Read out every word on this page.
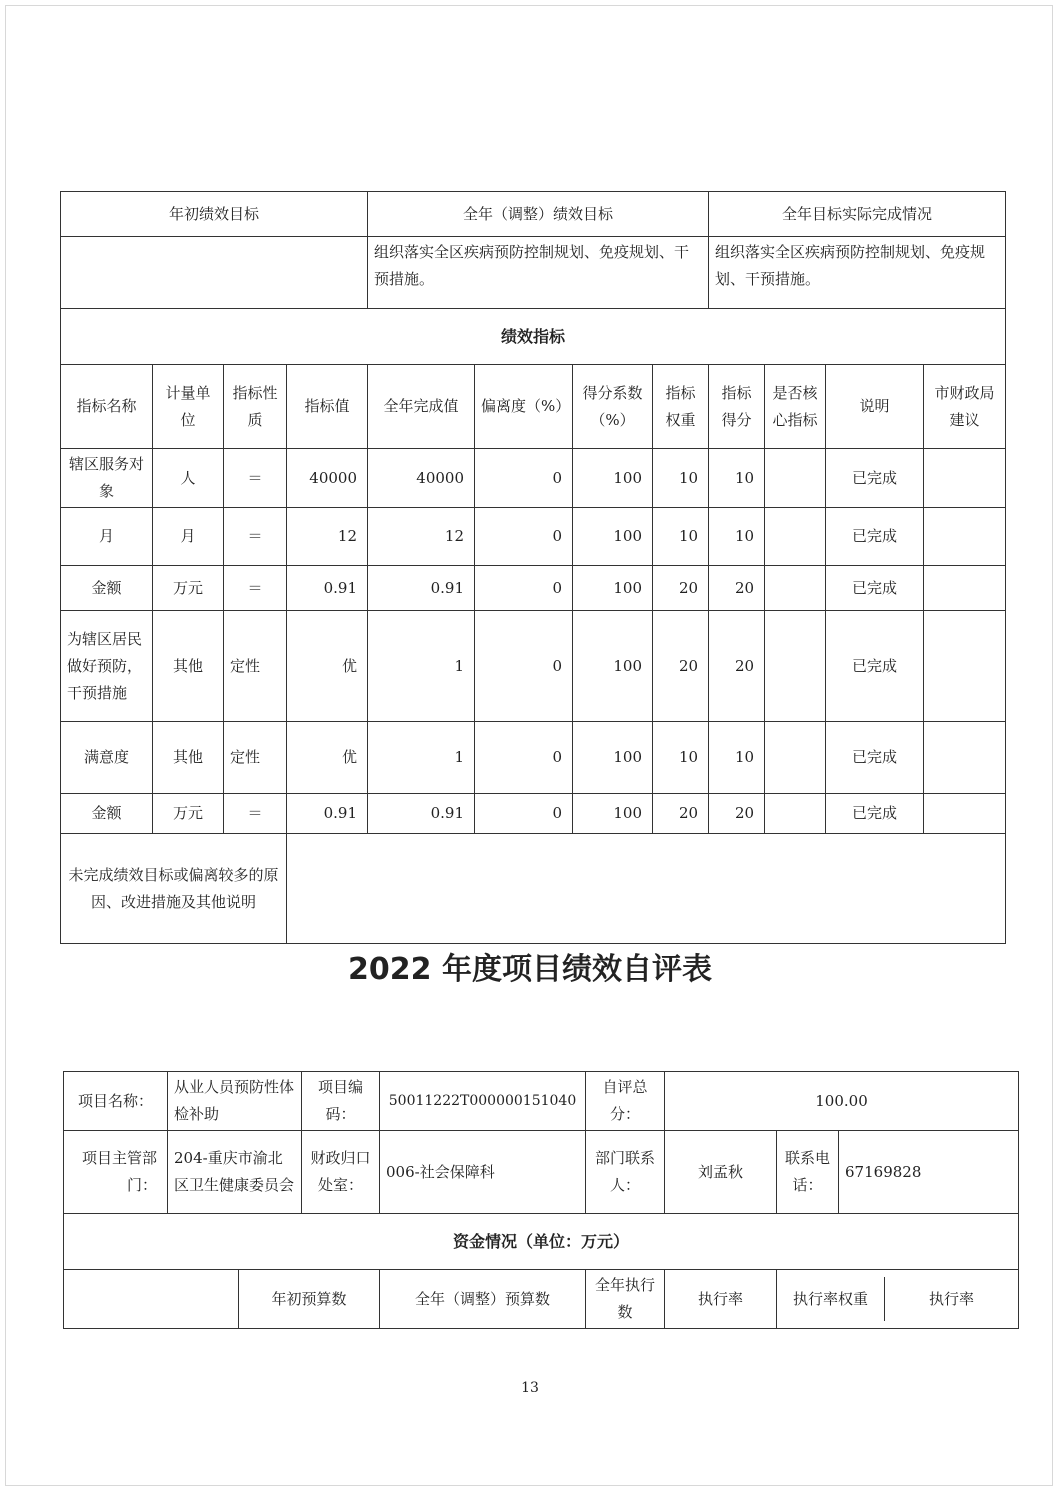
年初绩效目标				全年（调整）绩效目标				全年目标实际完成情况			
				组织落实全区疾病预防控制规划、免疫规划、干预措施。				组织落实全区疾病预防控制规划、免疫规划、干预措施。			
绩效指标											
指标名称	计量单位	指标性质	指标值	全年完成值	偏离度（%）	得分系数（%）	指标权重	指标得分	是否核心指标	说明	市财政局建议
辖区服务对象	人	＝	40000	40000	0	100	10	10		已完成	
月	月	＝	12	12	0	100	10	10		已完成	
金额	万元	＝	0.91	0.91	0	100	20	20		已完成	
为辖区居民做好预防，干预措施	其他	定性	优	1	0	100	20	20		已完成	
满意度	其他	定性	优	1	0	100	10	10		已完成	
金额	万元	＝	0.91	0.91	0	100	20	20		已完成	
未完成绩效目标或偏离较多的原因、改进措施及其他说明											
2022 年度项目绩效自评表
项目名称：	从业人员预防性体检补助	项目编码：	50011222T000000151040	自评总分：	100.00
项目主管部门：	204-重庆市渝北区卫生健康委员会	财政归口处室：	006-社会保障科	部门联系人：	刘孟秋	联系电话：	67169828
资金情况（单位：万元）
	年初预算数	全年（调整）预算数	全年执行数	执行率		执行率权重	执行率
13
